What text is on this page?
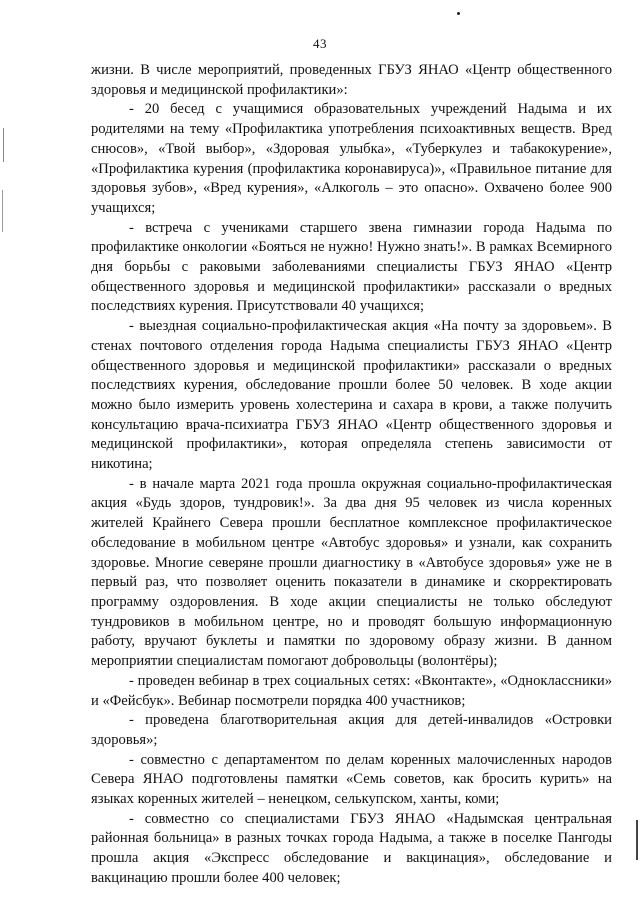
43

жизни. В числе мероприятий, проведенных ГБУЗ ЯНАО «Центр общественного здоровья и медицинской профилактики»:

- 20 бесед с учащимися образовательных учреждений Надыма и их родителями на тему «Профилактика употребления психоактивных веществ. Вред снюсов», «Твой выбор», «Здоровая улыбка», «Туберкулез и табакокурение», «Профилактика курения (профилактика коронавируса)», «Правильное питание для здоровья зубов», «Вред курения», «Алкоголь – это опасно». Охвачено более 900 учащихся;

- встреча с учениками старшего звена гимназии города Надыма по профилактике онкологии «Бояться не нужно! Нужно знать!». В рамках Всемирного дня борьбы с раковыми заболеваниями специалисты ГБУЗ ЯНАО «Центр общественного здоровья и медицинской профилактики» рассказали о вредных последствиях курения. Присутствовали 40 учащихся;

- выездная социально-профилактическая акция «На почту за здоровьем». В стенах почтового отделения города Надыма специалисты ГБУЗ ЯНАО «Центр общественного здоровья и медицинской профилактики» рассказали о вредных последствиях курения, обследование прошли более 50 человек. В ходе акции можно было измерить уровень холестерина и сахара в крови, а также получить консультацию врача-психиатра ГБУЗ ЯНАО «Центр общественного здоровья и медицинской профилактики», которая определяла степень зависимости от никотина;

- в начале марта 2021 года прошла окружная социально-профилактическая акция «Будь здоров, тундровик!». За два дня 95 человек из числа коренных жителей Крайнего Севера прошли бесплатное комплексное профилактическое обследование в мобильном центре «Автобус здоровья» и узнали, как сохранить здоровье. Многие северяне прошли диагностику в «Автобусе здоровья» уже не в первый раз, что позволяет оценить показатели в динамике и скорректировать программу оздоровления. В ходе акции специалисты не только обследуют тундровиков в мобильном центре, но и проводят большую информационную работу, вручают буклеты и памятки по здоровому образу жизни. В данном мероприятии специалистам помогают добровольцы (волонтёры);

- проведен вебинар в трех социальных сетях: «Вконтакте», «Одноклассники» и «Фейсбук». Вебинар посмотрели порядка 400 участников;

- проведена благотворительная акция для детей-инвалидов «Островки здоровья»;

- совместно с департаментом по делам коренных малочисленных народов Севера ЯНАО подготовлены памятки «Семь советов, как бросить курить» на языках коренных жителей – ненецком, селькупском, ханты, коми;

- совместно со специалистами ГБУЗ ЯНАО «Надымская центральная районная больница» в разных точках города Надыма, а также в поселке Пангоды прошла акция «Экспресс обследование и вакцинация», обследование и вакцинацию прошли более 400 человек;
